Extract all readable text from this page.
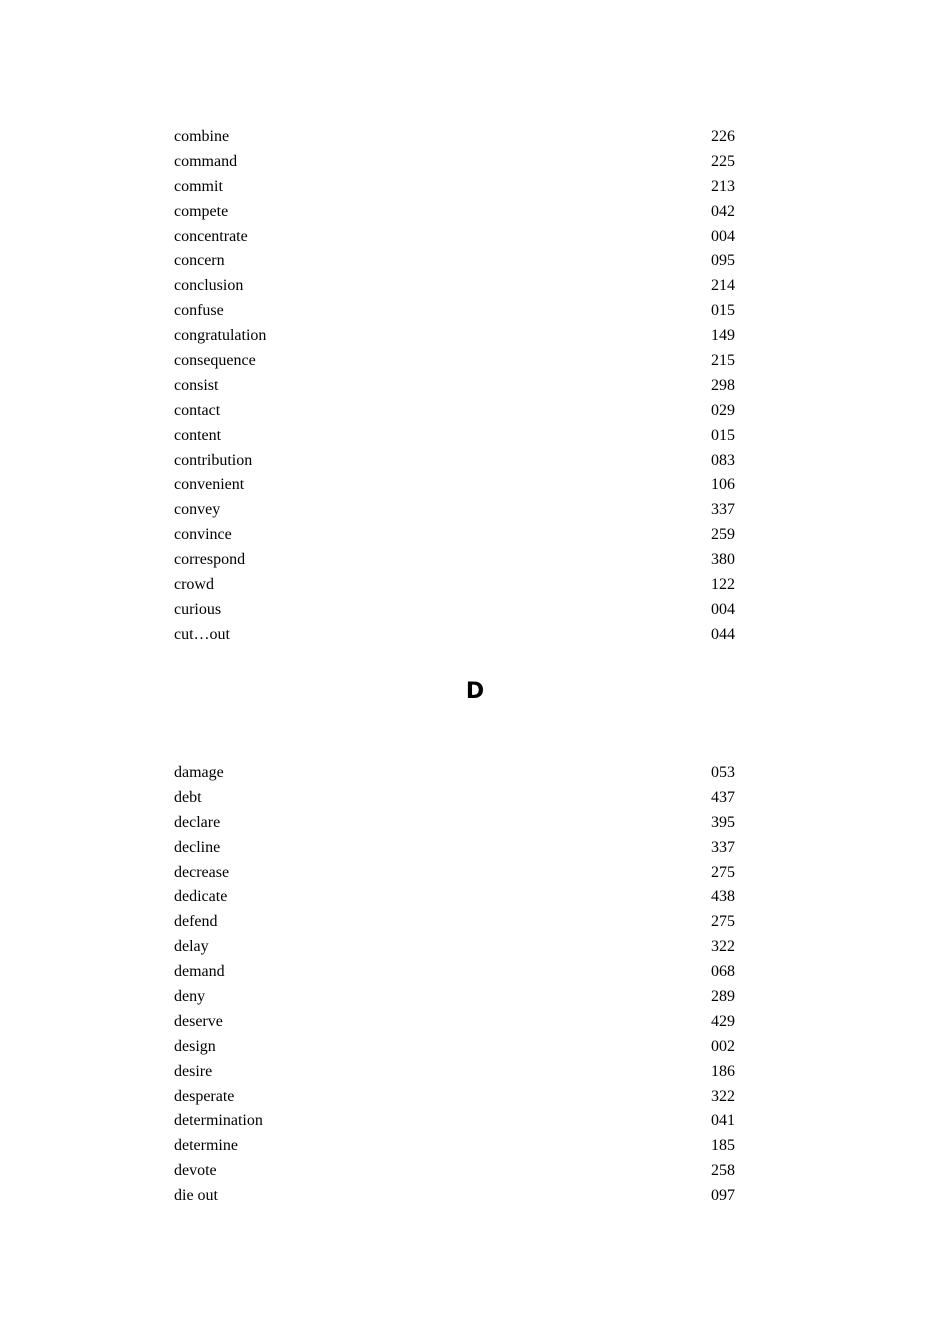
combine	226
command	225
commit	213
compete	042
concentrate	004
concern	095
conclusion	214
confuse	015
congratulation	149
consequence	215
consist	298
contact	029
content	015
contribution	083
convenient	106
convey	337
convince	259
correspond	380
crowd	122
curious	004
cut…out	044
D
damage	053
debt	437
declare	395
decline	337
decrease	275
dedicate	438
defend	275
delay	322
demand	068
deny	289
deserve	429
design	002
desire	186
desperate	322
determination	041
determine	185
devote	258
die out	097
